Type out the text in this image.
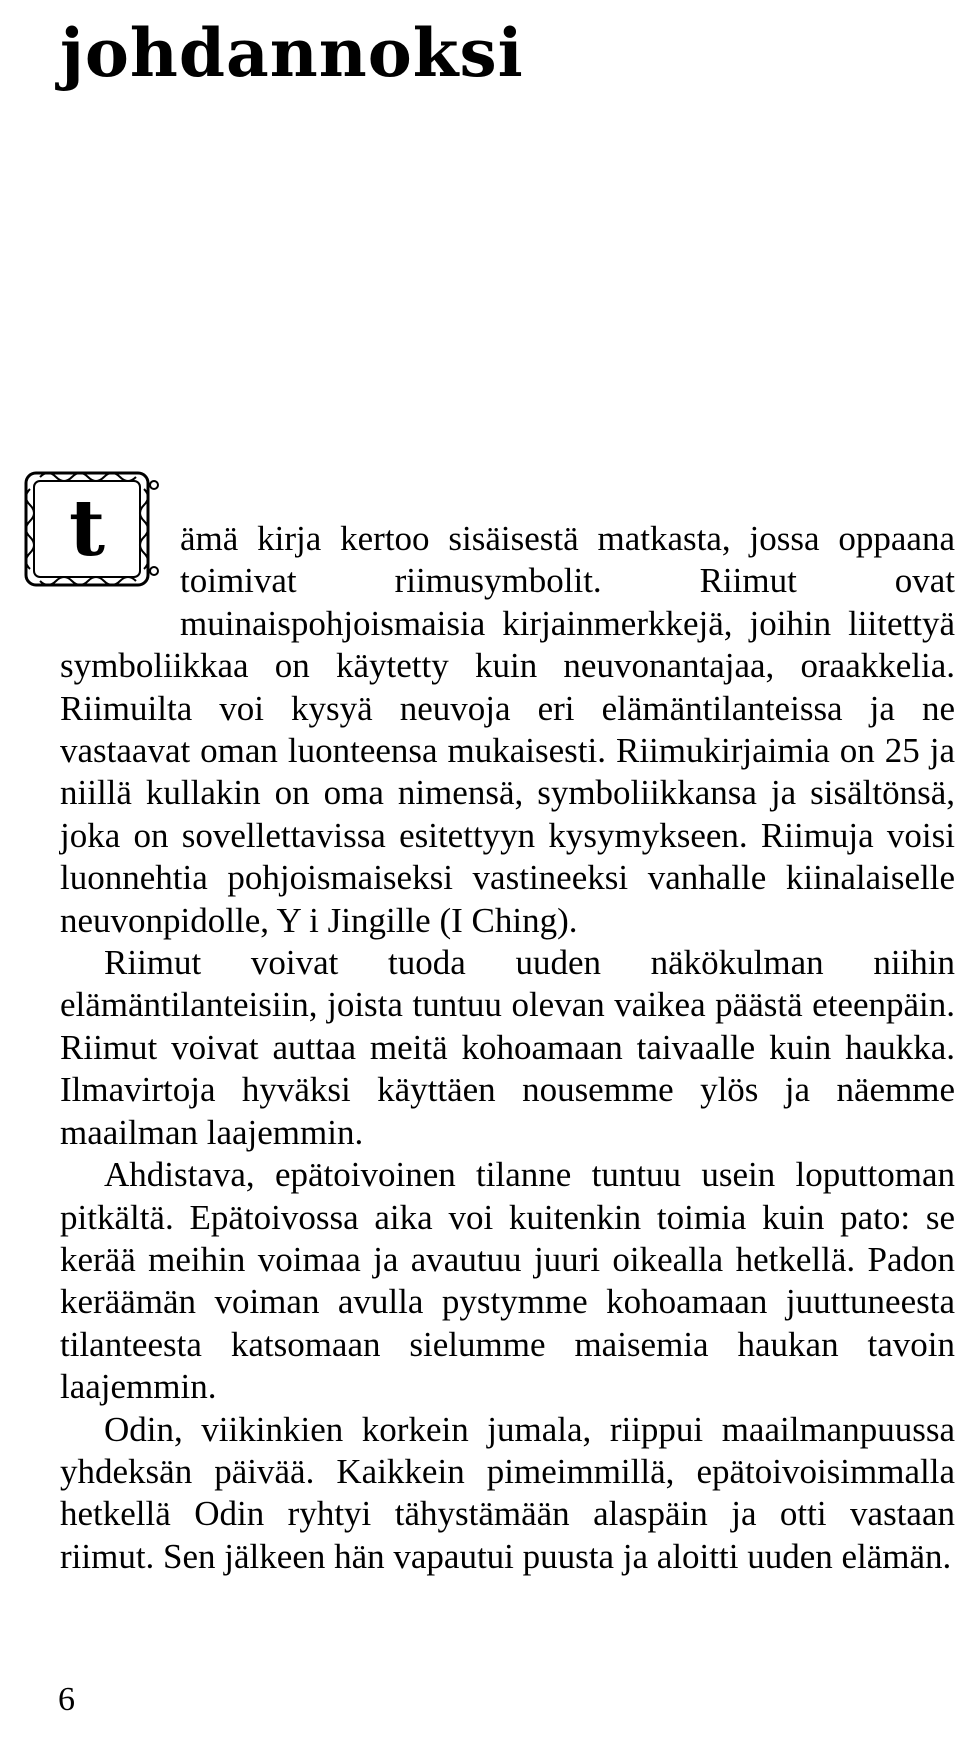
johdannoksi
t	ämä kirja kertoo sisäisestä matkasta, jossa oppaana toimivat riimusymbolit. Riimut ovat muinaispohjoismaisia kirjainmerkkejä, joihin liitettyä symboliikkaa on käytetty kuin neuvonantajaa, oraakkelia. Riimuilta voi kysyä neuvoja eri elämäntilanteissa ja ne vastaavat oman luonteensa mukaisesti. Riimukirjaimia on 25 ja niillä kullakin on oma nimensä, symboliikkansa ja sisältönsä, joka on sovellettavissa esitettyyn kysymykseen. Riimuja voisi luonnehtia pohjoismaiseksi vastineeksi vanhalle kiinalaiselle neuvonpidolle, Y i Jingille (I Ching).

Riimut voivat tuoda uuden näkökulman niihin elämäntilanteisiin, joista tuntuu olevan vaikea päästä eteenpäin. Riimut voivat auttaa meitä kohoamaan taivaalle kuin haukka. Ilmavirtoja hyväksi käyttäen nousemme ylös ja näemme maailman laajemmin.

Ahdistava, epätoivoinen tilanne tuntuu usein loputtoman pitkältä. Epätoivossa aika voi kuitenkin toimia kuin pato: se kerää meihin voimaa ja avautuu juuri oikealla hetkellä. Padon keräämän voiman avulla pystymme kohoamaan juuttuneesta tilanteesta katsomaan sielumme maisemia haukan tavoin laajemmin.

Odin, viikinkien korkein jumala, riippui maailmanpuussa yhdeksän päivää. Kaikkein pimeimmillä, epätoivoisimmalla hetkellä Odin ryhtyi tähystämään alaspäin ja otti vastaan riimut. Sen jälkeen hän vapautui puusta ja aloitti uuden elämän.

6
